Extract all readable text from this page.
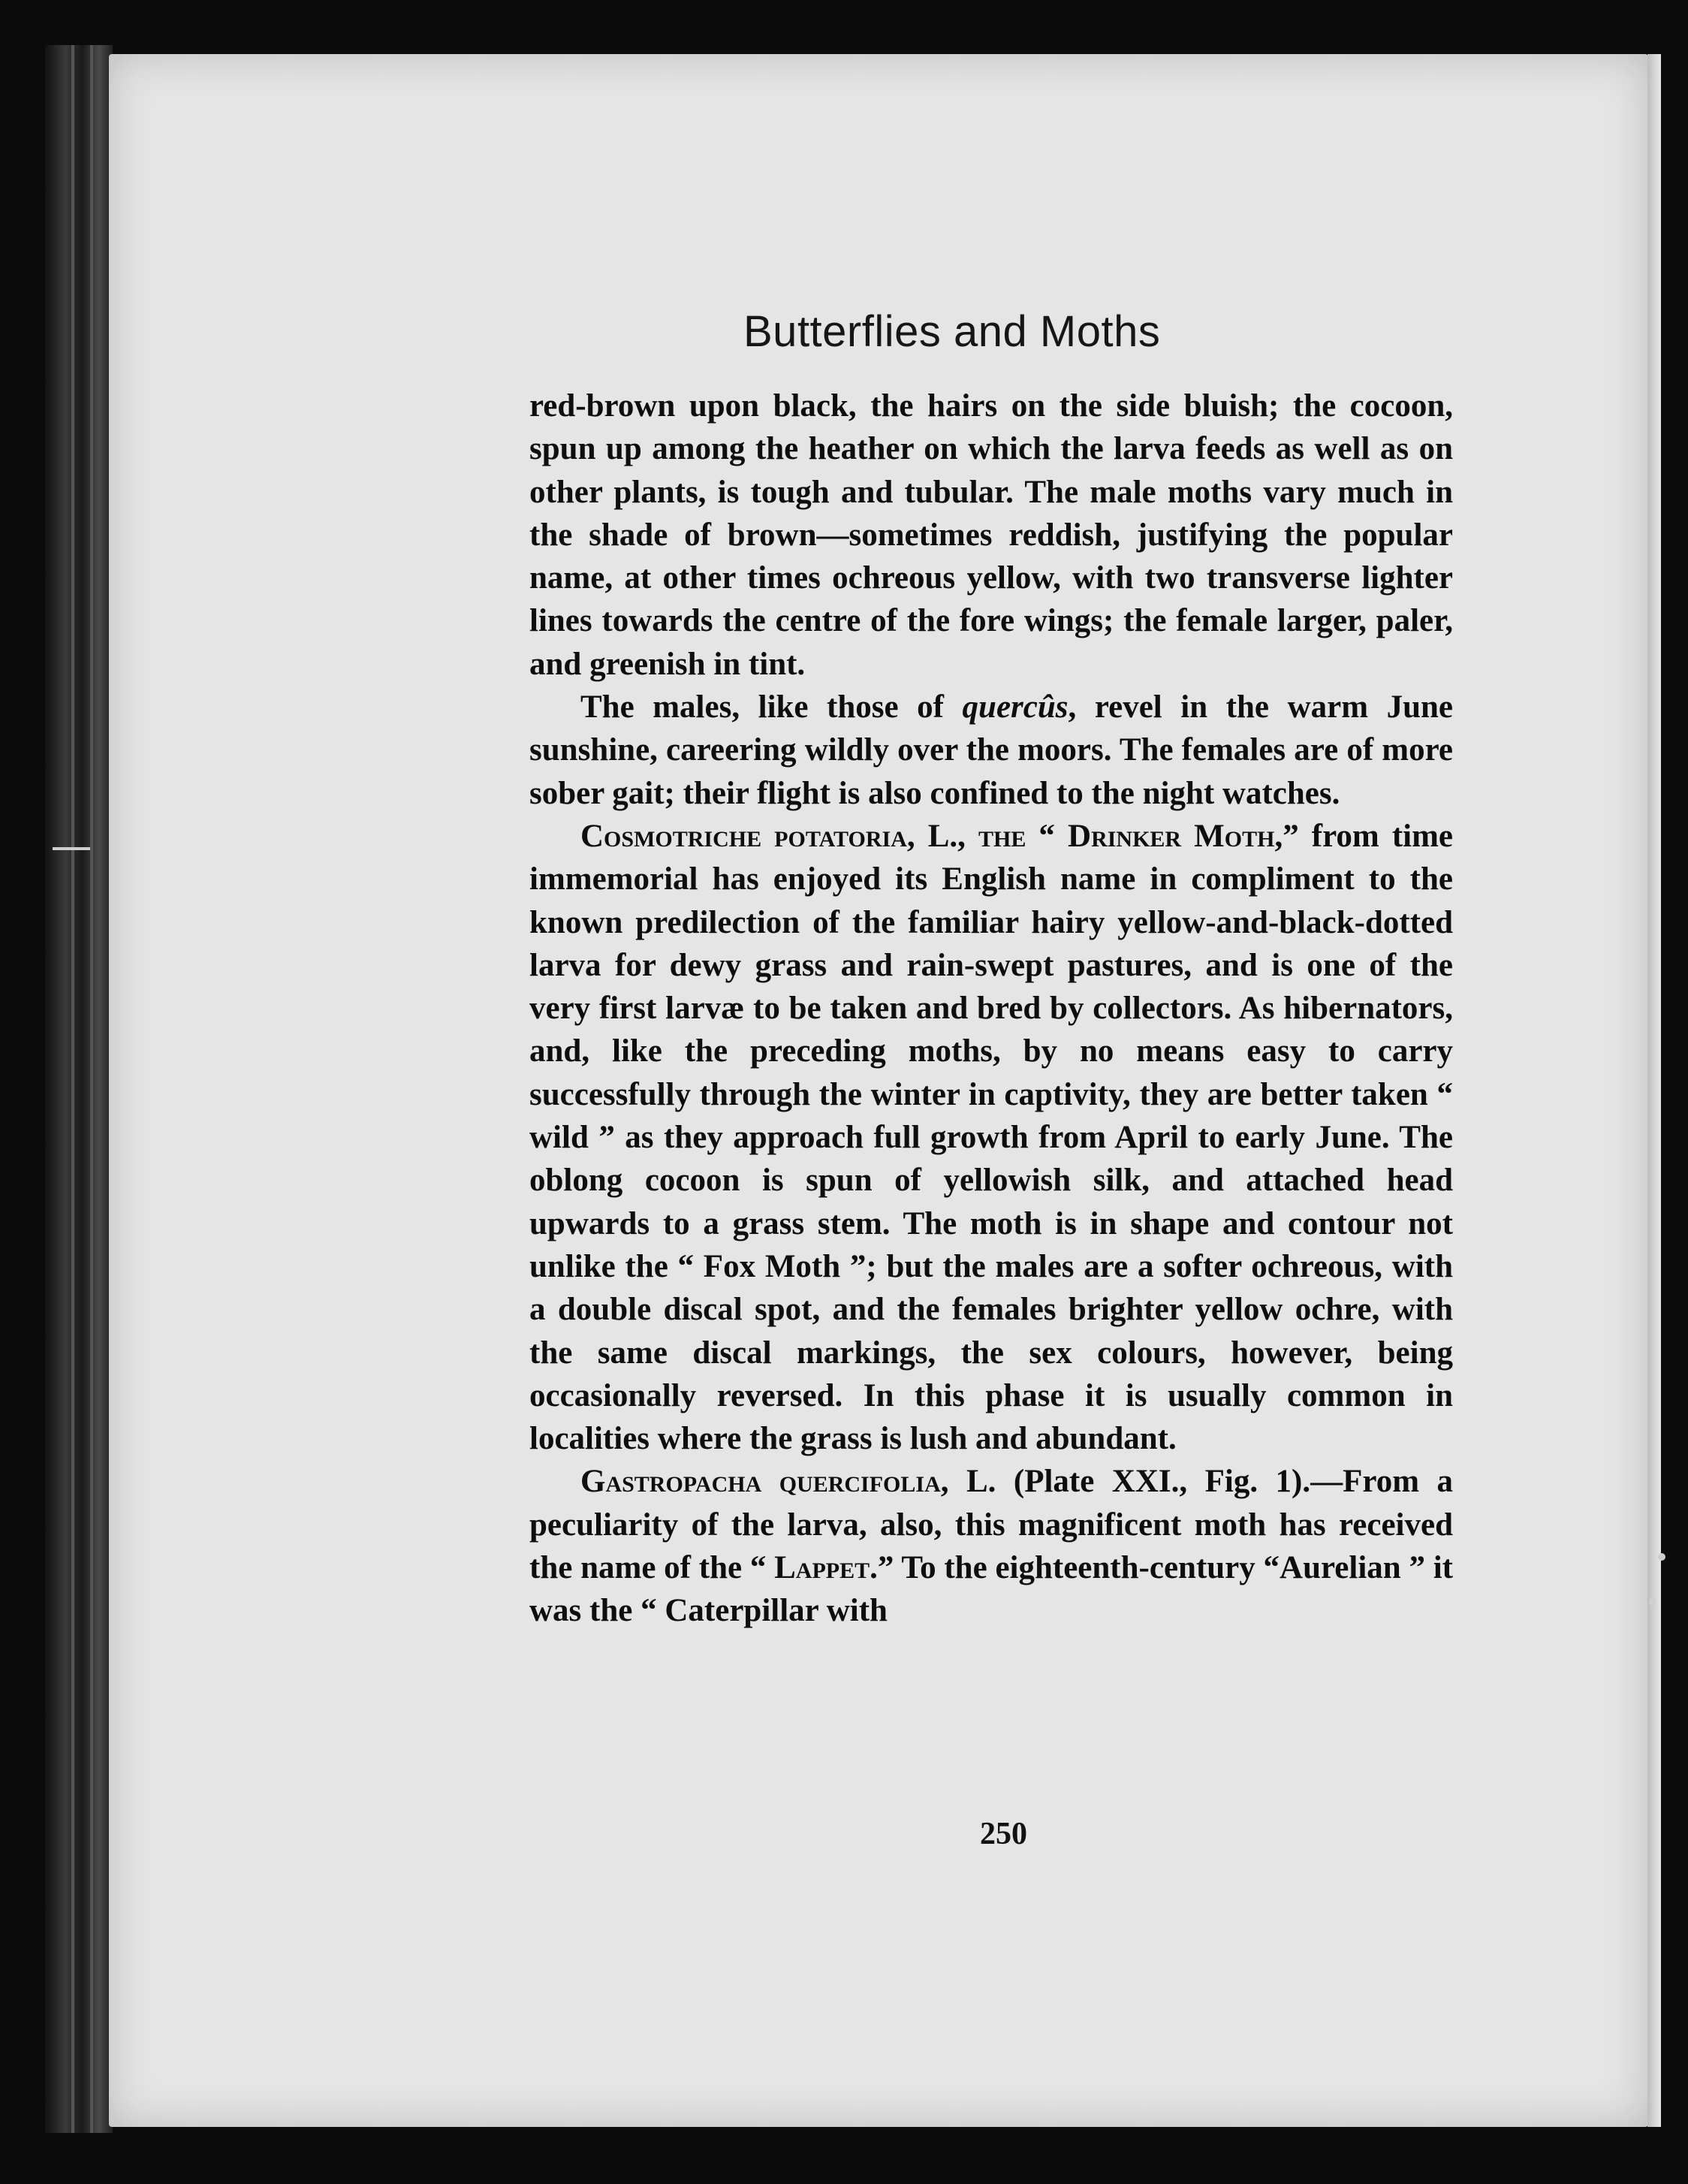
Butterflies and Moths

red-brown upon black, the hairs on the side bluish; the cocoon, spun up among the heather on which the larva feeds as well as on other plants, is tough and tubular. The male moths vary much in the shade of brown—sometimes reddish, justifying the popular name, at other times ochreous yellow, with two transverse lighter lines towards the centre of the fore wings; the female larger, paler, and greenish in tint.

The males, like those of quercûs, revel in the warm June sunshine, careering wildly over the moors. The females are of more sober gait; their flight is also confined to the night watches.

Cosmotriche potatoria, L., the “ Drinker Moth,” from time immemorial has enjoyed its English name in compliment to the known predilection of the familiar hairy yellow-and-black-dotted larva for dewy grass and rain-swept pastures, and is one of the very first larvæ to be taken and bred by collectors. As hibernators, and, like the preceding moths, by no means easy to carry successfully through the winter in captivity, they are better taken “ wild ” as they approach full growth from April to early June. The oblong cocoon is spun of yellowish silk, and attached head upwards to a grass stem. The moth is in shape and contour not unlike the “ Fox Moth ”; but the males are a softer ochreous, with a double discal spot, and the females brighter yellow ochre, with the same discal markings, the sex colours, however, being occasionally reversed. In this phase it is usually common in localities where the grass is lush and abundant.

Gastropacha quercifolia, L. (Plate XXI., Fig. 1).—From a peculiarity of the larva, also, this magnificent moth has received the name of the “ Lappet.” To the eighteenth-century “Aurelian ” it was the “ Caterpillar with

250
